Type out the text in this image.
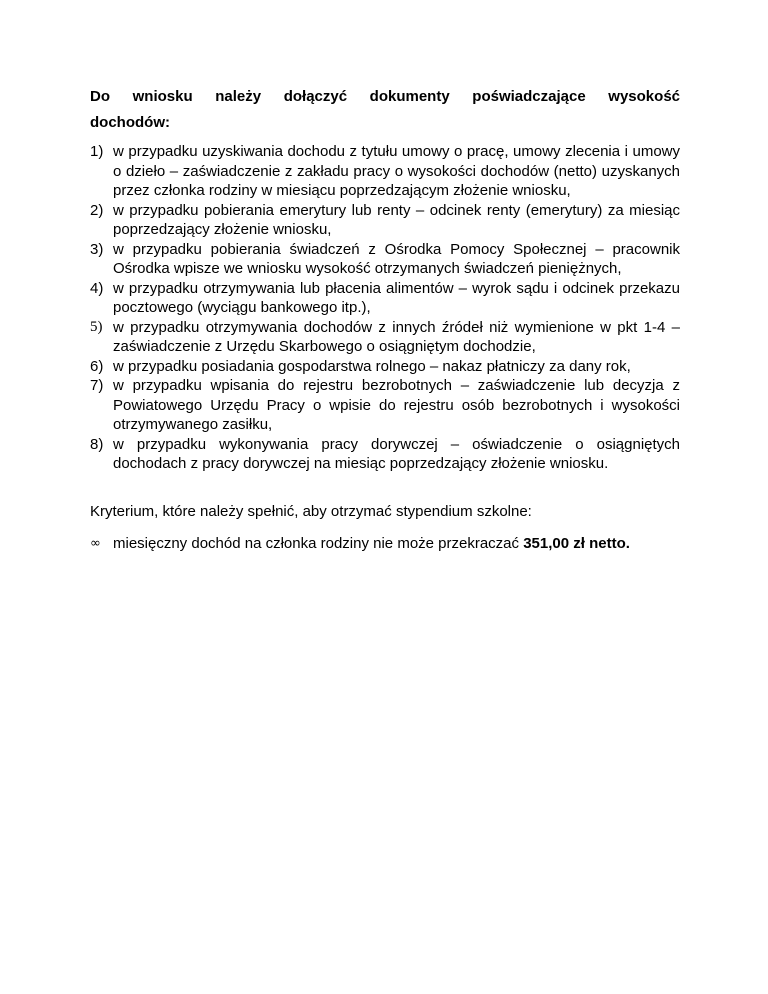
Do wniosku należy dołączyć dokumenty poświadczające wysokość
dochodów:
1) w przypadku uzyskiwania dochodu z tytułu umowy o pracę, umowy zlecenia i umowy o dzieło – zaświadczenie z zakładu pracy o wysokości dochodów (netto) uzyskanych przez członka rodziny w miesiącu poprzedzającym złożenie wniosku,
2) w przypadku pobierania emerytury lub renty – odcinek renty (emerytury) za miesiąc poprzedzający złożenie wniosku,
3) w przypadku pobierania świadczeń z Ośrodka Pomocy Społecznej – pracownik Ośrodka wpisze we wniosku wysokość otrzymanych świadczeń pieniężnych,
4) w przypadku otrzymywania lub płacenia alimentów – wyrok sądu i odcinek przekazu pocztowego (wyciągu bankowego itp.),
5) w przypadku otrzymywania dochodów z innych źródeł niż wymienione w pkt 1-4 – zaświadczenie z Urzędu Skarbowego o osiągniętym dochodzie,
6) w przypadku posiadania gospodarstwa rolnego – nakaz płatniczy za dany rok,
7) w przypadku wpisania do rejestru bezrobotnych – zaświadczenie lub decyzja z Powiatowego Urzędu Pracy o wpisie do rejestru osób bezrobotnych i wysokości otrzymywanego zasiłku,
8) w przypadku wykonywania pracy dorywczej – oświadczenie o osiągniętych dochodach z pracy dorywczej na miesiąc poprzedzający złożenie wniosku.
Kryterium, które należy spełnić, aby otrzymać stypendium szkolne:
∞ miesięczny dochód na członka rodziny nie może przekraczać 351,00 zł netto.
